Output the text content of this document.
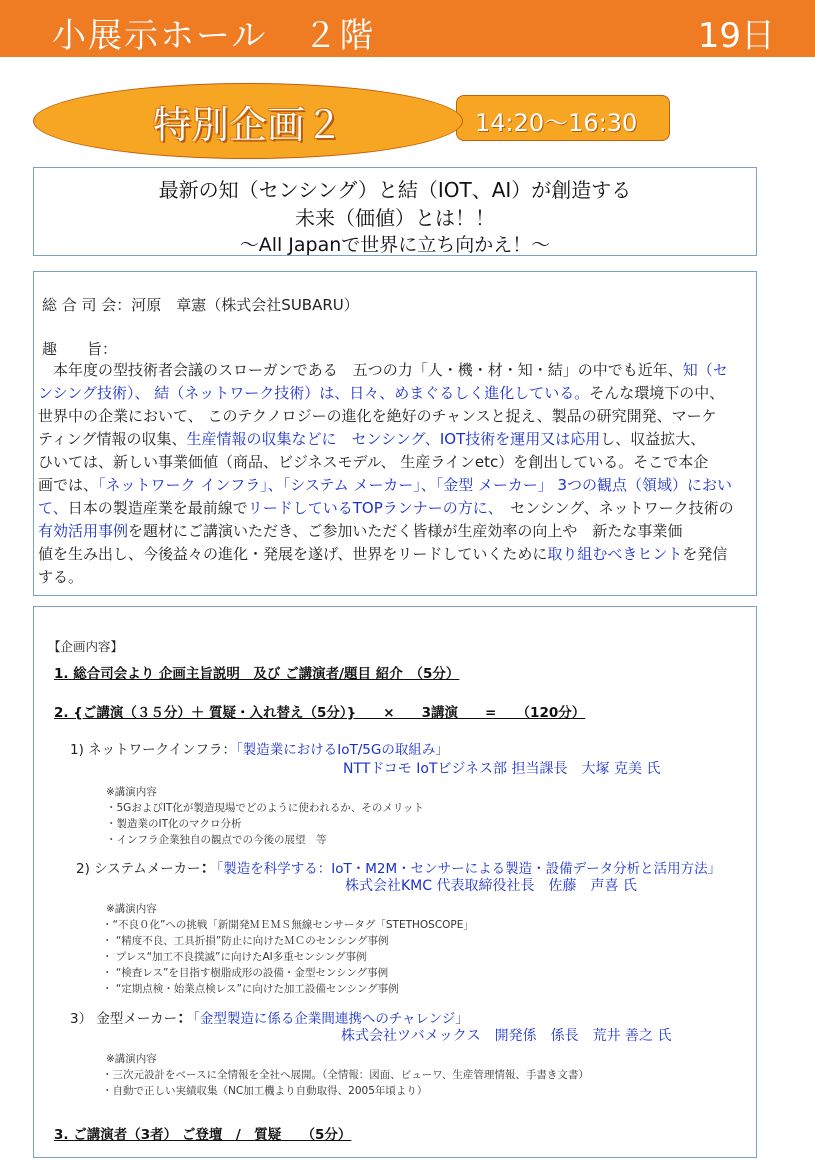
小展示ホール　２階	19日
14:20～16:30
特別企画２
最新の知（センシング）と結（IOT、AI）が創造する
未来（価値）とは！！
～All Japanで世界に立ち向かえ！～
総 合 司 会：河原　章憲（株式会社SUBARU）
趣　　旨：
　本年度の型技術者会議のスローガンである　五つの力「人・機・材・知・結」の中でも近年、知（セ
ンシング技術）、 結（ネットワーク技術）は、日々、めまぐるしく進化している。そんな環境下の中、
世界中の企業において、 このテクノロジーの進化を絶好のチャンスと捉え、製品の研究開発、マーケ
ティング情報の収集、生産情報の収集などに　センシング、IOT技術を運用又は応用し、収益拡大、
ひいては、新しい事業価値（商品、ビジネスモデル、 生産ラインetc）を創出している。そこで本企
画では、「ネットワーク インフラ」、「システム メーカー」、「金型 メーカー」 3つの観点（領域）におい
て、日本の製造産業を最前線でリードしているTOPランナーの方に、　センシング、ネットワーク技術の
有効活用事例を題材にご講演いただき、ご参加いただく皆様が生産効率の向上や　新たな事業価
値を生み出し、今後益々の進化・発展を遂げ、世界をリードしていくために取り組むべきヒントを発信
する。
【企画内容】
1. 総合司会より 企画主旨説明　及び ご講演者/題目 紹介　（5分）
2. {ご講演（３５分）＋ 質疑・入れ替え（5分）}　　×　　3講演　　=　　（120分）
1) ネットワークインフラ：「製造業におけるIoT/5Gの取組み」
NTTドコモ IoTビジネス部 担当課長　大塚 克美 氏
※講演内容
・5GおよびIT化が製造現場でどのように使われるか、そのメリット
・製造業のIT化のマクロ分析
・インフラ企業独自の観点での今後の展望　等
2) システムメーカー：「製造を科学する：IoT・M2M・センサーによる製造・設備データ分析と活用方法」
株式会社KMC 代表取締役社長　佐藤　声喜 氏
※講演内容
・“不良０化”への挑戦「新開発ＭＥＭＳ無線センサータグ「STETHOSCOPE」
・ “精度不良、工具折損”防止に向けたＭＣのセンシング事例
・ プレス“加工不良撲滅”に向けたAI多重センシング事例
・ “検査レス”を目指す樹脂成形の設備・金型センシング事例
・ “定期点検・始業点検レス”に向けた加工設備センシング事例
3） 金型メーカー：「金型製造に係る企業間連携へのチャレンジ」
株式会社ツバメックス　開発係　係長　荒井 善之 氏
※講演内容
・三次元設計をベースに全情報を全社へ展開。（全情報：図面、ビューワ、生産管理情報、手書き文書）
・自動で正しい実績収集（NC加工機より自動取得、2005年頃より）
3. ご講演者（3者） ご登壇　/　質疑　　（5分）
